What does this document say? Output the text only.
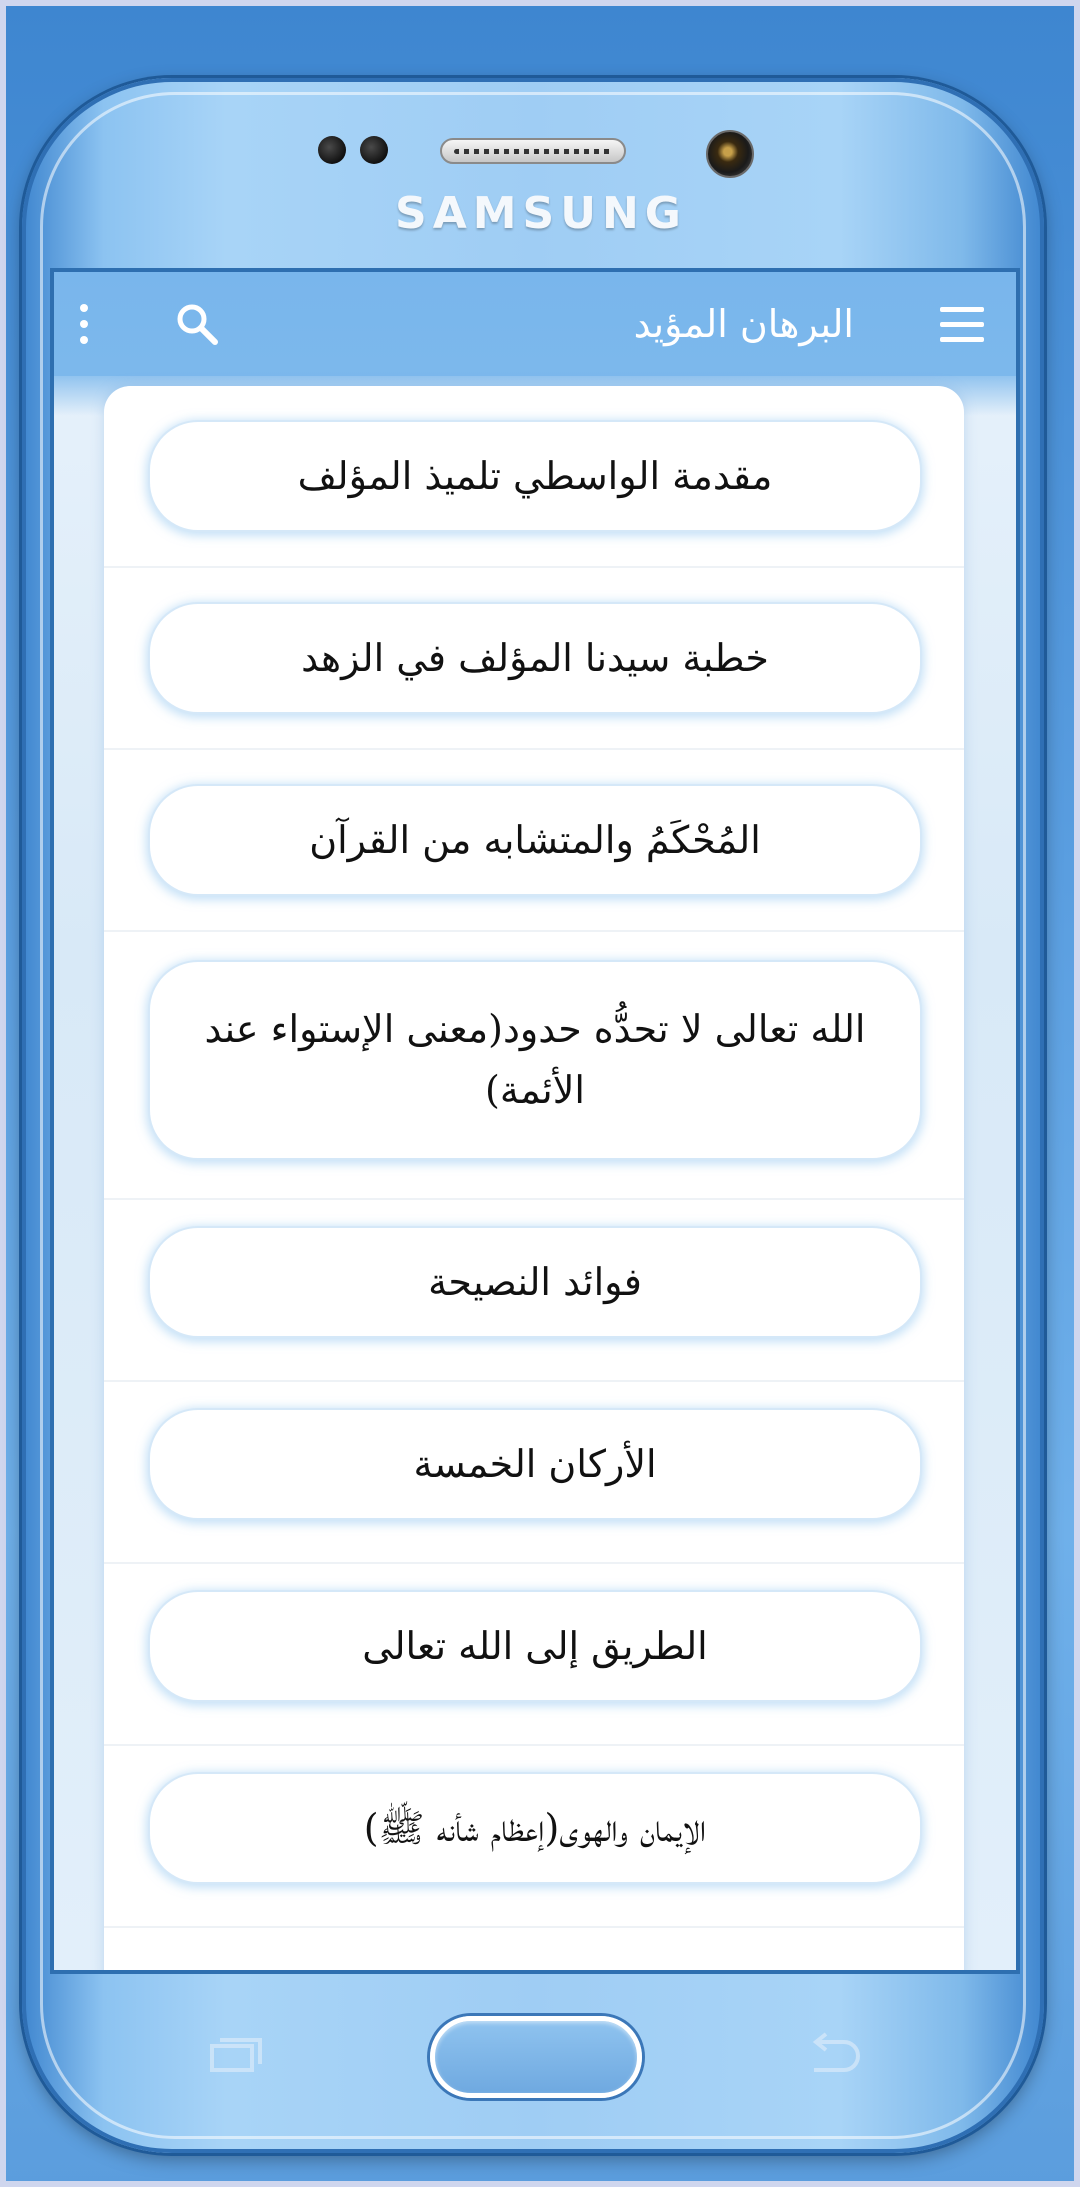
SAMSUNG
البرهان المؤيد
مقدمة الواسطي تلميذ المؤلف
خطبة سيدنا المؤلف في الزهد
المُحْكَمُ والمتشابه من القرآن
الله تعالى لا تحدُّه حدود(معنى الإستواء عند الأئمة)
فوائد النصيحة
الأركان الخمسة
الطريق إلى الله تعالى
الإيمان والهوى(إعظام شأنه ﷺ)
